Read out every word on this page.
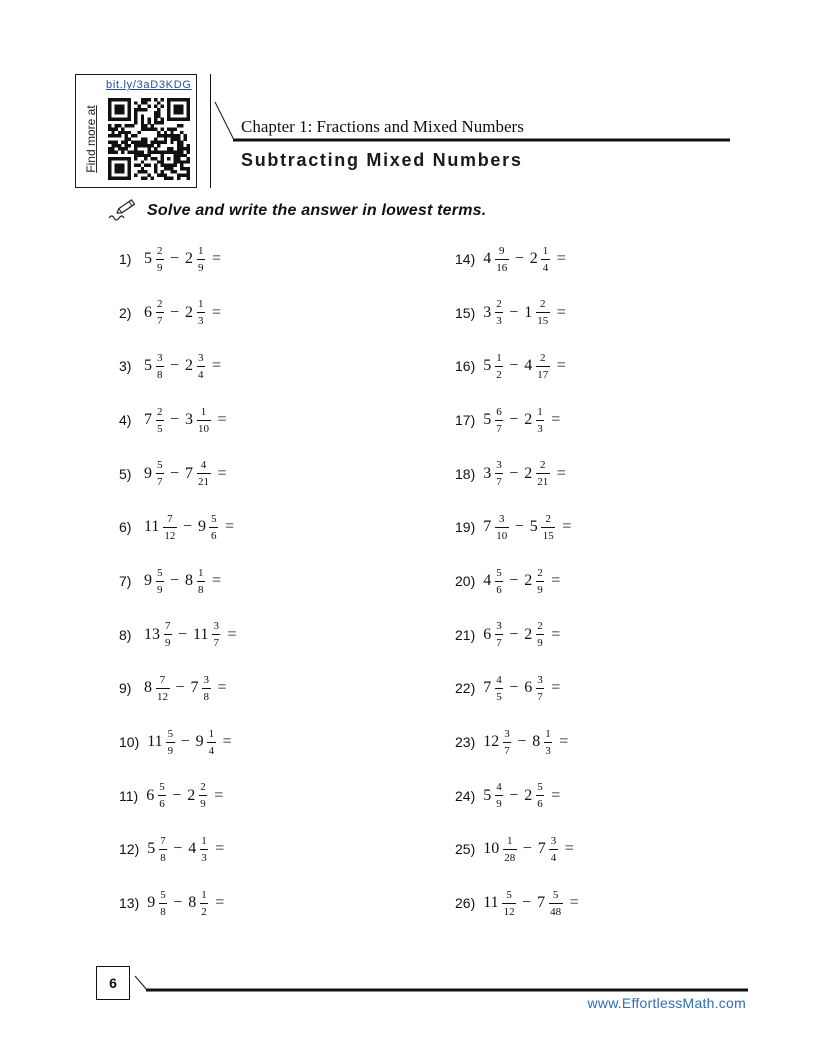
bit.ly/3aD3KDG
Find more at	Chapter 1: Fractions and Mixed Numbers
Subtracting Mixed Numbers
Solve and write the answer in lowest terms.
1) $5 \frac{2}{9} - 2 \frac{1}{9}$ =
2) $6 \frac{2}{7} - 2 \frac{1}{3}$ =
3) $5 \frac{3}{8} - 2 \frac{3}{4}$ =
4) $7 \frac{2}{5} - 3 \frac{1}{10}$ =
5) $9 \frac{5}{7} - 7 \frac{4}{21}$ =
6) $11 \frac{7}{12} - 9 \frac{5}{6}$ =
7) $9 \frac{5}{9} - 8 \frac{1}{8}$ =
8) $13 \frac{7}{9} - 11 \frac{3}{7}$ =
9) $8 \frac{7}{12} - 7 \frac{3}{8}$ =
10) $11 \frac{5}{9} - 9 \frac{1}{4}$ =
11) $6 \frac{5}{6} - 2 \frac{2}{9}$ =
12) $5 \frac{7}{8} - 4 \frac{1}{3}$ =
13) $9 \frac{5}{8} - 8 \frac{1}{2}$ =
14) $4 \frac{9}{16} - 2 \frac{1}{4}$ =
15) $3 \frac{2}{3} - 1 \frac{2}{15}$ =
16) $5 \frac{1}{2} - 4 \frac{2}{17}$ =
17) $5 \frac{6}{7} - 2 \frac{1}{3}$ =
18) $3 \frac{3}{7} - 2 \frac{2}{21}$ =
19) $7 \frac{3}{10} - 5 \frac{2}{15}$ =
20) $4 \frac{5}{6} - 2 \frac{2}{9}$ =
21) $6 \frac{3}{7} - 2 \frac{2}{9}$ =
22) $7 \frac{4}{5} - 6 \frac{3}{7}$ =
23) $12 \frac{3}{7} - 8 \frac{1}{3}$ =
24) $5 \frac{4}{9} - 2 \frac{5}{6}$ =
25) $10 \frac{1}{28} - 7 \frac{3}{4}$ =
26) $11 \frac{5}{12} - 7 \frac{5}{48}$ =
6
www.EffortlessMath.com
